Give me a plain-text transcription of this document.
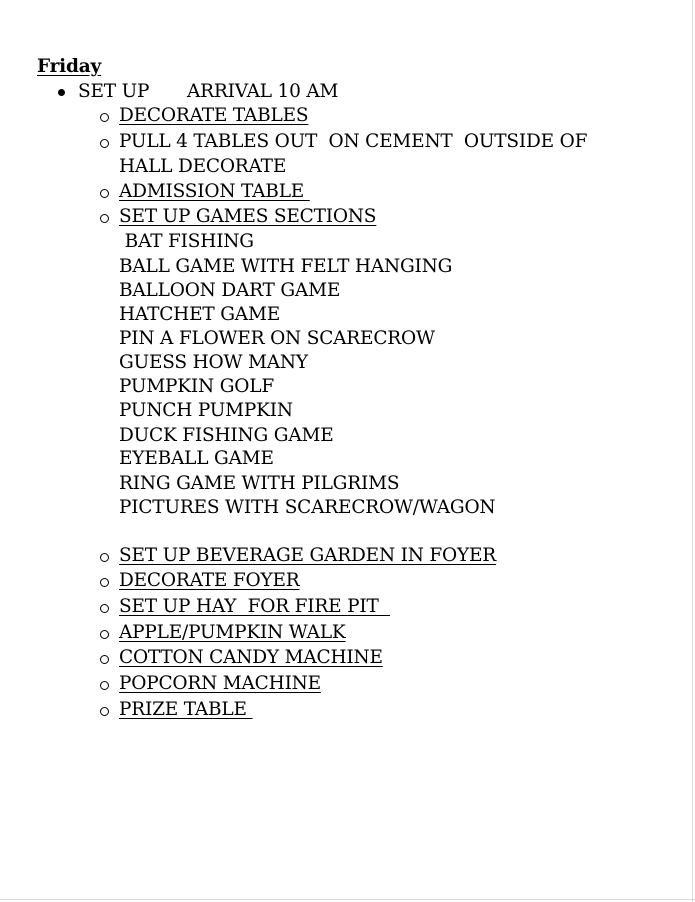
Friday
SET UP ARRIVAL 10 AM
DECORATE TABLES
PULL 4 TABLES OUT  ON CEMENT  OUTSIDE OF
HALL DECORATE
ADMISSION TABLE
SET UP GAMES SECTIONS
BAT FISHING
BALL GAME WITH FELT HANGING
BALLOON DART GAME
HATCHET GAME
PIN A FLOWER ON SCARECROW
GUESS HOW MANY
PUMPKIN GOLF
PUNCH PUMPKIN
DUCK FISHING GAME
EYEBALL GAME
RING GAME WITH PILGRIMS
PICTURES WITH SCARECROW/WAGON
SET UP BEVERAGE GARDEN IN FOYER
DECORATE FOYER
SET UP HAY  FOR FIRE PIT
APPLE/PUMPKIN WALK
COTTON CANDY MACHINE
POPCORN MACHINE
PRIZE TABLE
